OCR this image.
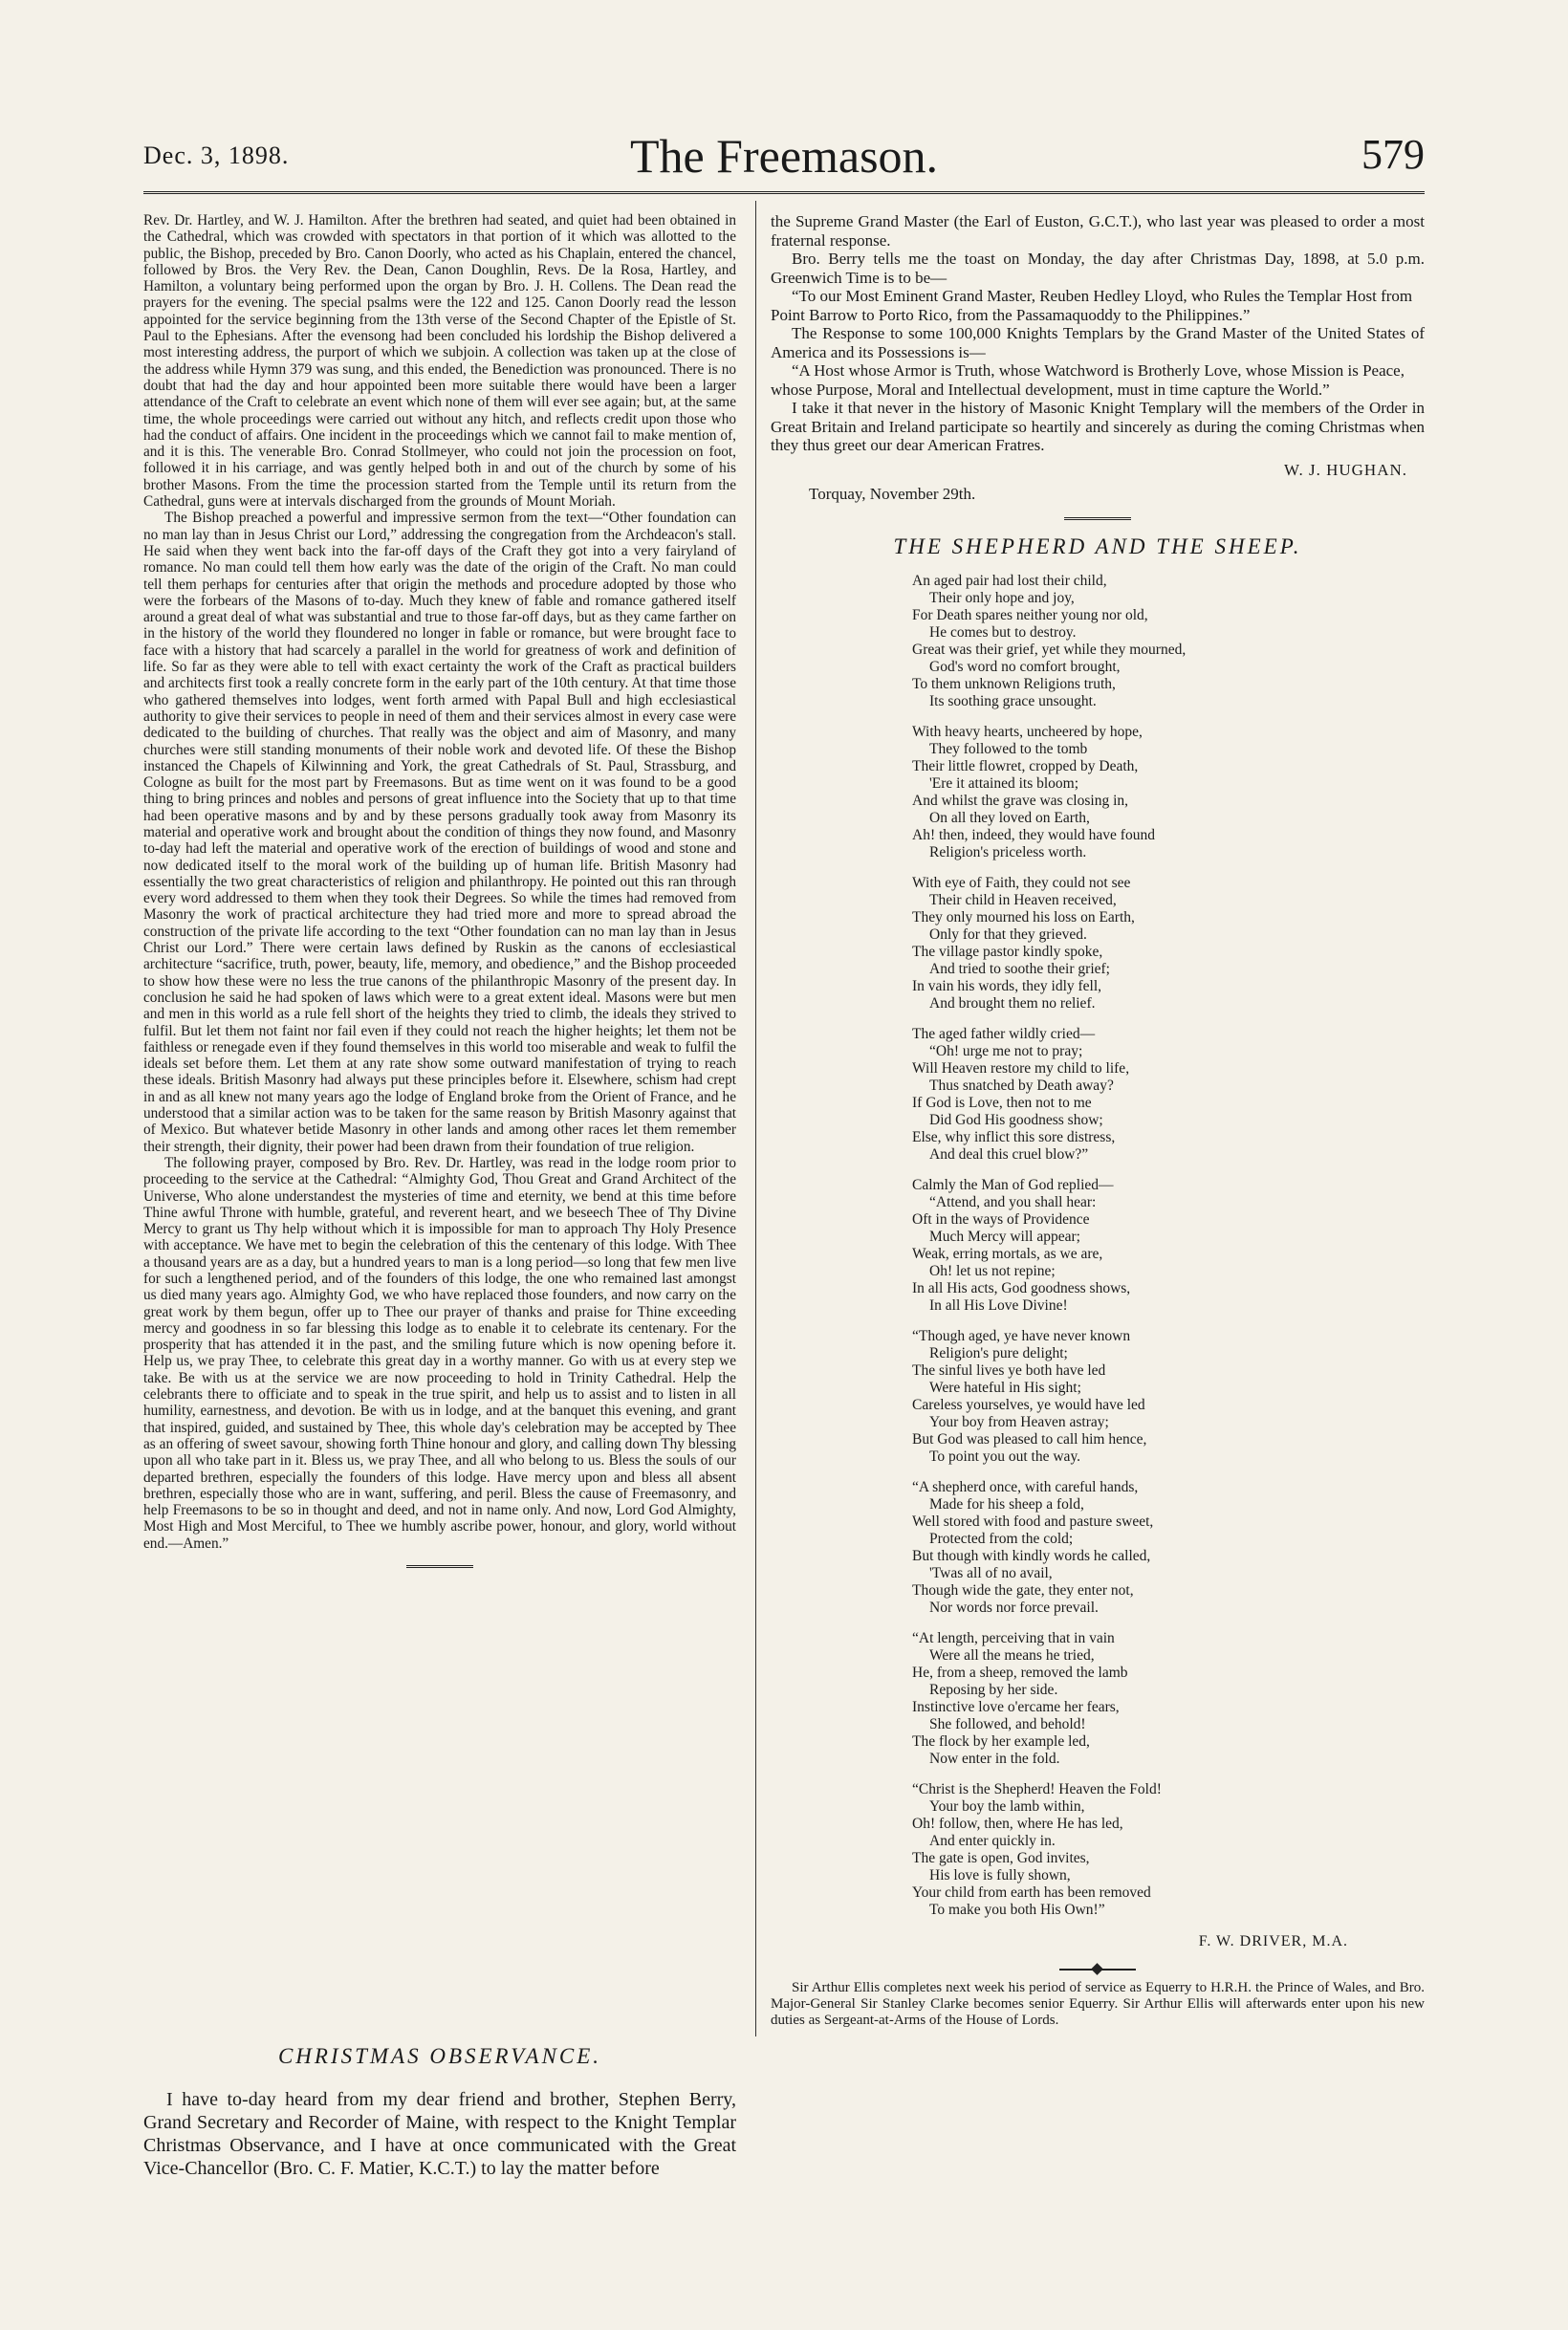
Dec. 3, 1898.	The Freemason.	579

Rev. Dr. Hartley, and W. J. Hamilton. After the brethren had seated, and quiet had been obtained in the Cathedral, which was crowded with spectators in that portion of it which was allotted to the public, the Bishop, preceded by Bro. Canon Doorly, who acted as his Chaplain, entered the chancel, followed by Bros. the Very Rev. the Dean, Canon Doughlin, Revs. De la Rosa, Hartley, and Hamilton, a voluntary being performed upon the organ by Bro. J. H. Collens. The Dean read the prayers for the evening. The special psalms were the 122 and 125. Canon Doorly read the lesson appointed for the service beginning from the 13th verse of the Second Chapter of the Epistle of St. Paul to the Ephesians. After the evensong had been concluded his lordship the Bishop delivered a most interesting address, the purport of which we subjoin. A collection was taken up at the close of the address while Hymn 379 was sung, and this ended, the Benediction was pronounced. There is no doubt that had the day and hour appointed been more suitable there would have been a larger attendance of the Craft to celebrate an event which none of them will ever see again; but, at the same time, the whole proceedings were carried out without any hitch, and reflects credit upon those who had the conduct of affairs. One incident in the proceedings which we cannot fail to make mention of, and it is this. The venerable Bro. Conrad Stollmeyer, who could not join the procession on foot, followed it in his carriage, and was gently helped both in and out of the church by some of his brother Masons. From the time the procession started from the Temple until its return from the Cathedral, guns were at intervals discharged from the grounds of Mount Moriah.

The Bishop preached a powerful and impressive sermon from the text—“Other foundation can no man lay than in Jesus Christ our Lord,” addressing the congregation from the Archdeacon's stall. He said when they went back into the far-off days of the Craft they got into a very fairyland of romance. No man could tell them how early was the date of the origin of the Craft. No man could tell them perhaps for centuries after that origin the methods and procedure adopted by those who were the forbears of the Masons of to-day. Much they knew of fable and romance gathered itself around a great deal of what was substantial and true to those far-off days, but as they came farther on in the history of the world they floundered no longer in fable or romance, but were brought face to face with a history that had scarcely a parallel in the world for greatness of work and definition of life. So far as they were able to tell with exact certainty the work of the Craft as practical builders and architects first took a really concrete form in the early part of the 10th century. At that time those who gathered themselves into lodges, went forth armed with Papal Bull and high ecclesiastical authority to give their services to people in need of them and their services almost in every case were dedicated to the building of churches. That really was the object and aim of Masonry, and many churches were still standing monuments of their noble work and devoted life. Of these the Bishop instanced the Chapels of Kilwinning and York, the great Cathedrals of St. Paul, Strassburg, and Cologne as built for the most part by Freemasons. But as time went on it was found to be a good thing to bring princes and nobles and persons of great influence into the Society that up to that time had been operative masons and by and by these persons gradually took away from Masonry its material and operative work and brought about the condition of things they now found, and Masonry to-day had left the material and operative work of the erection of buildings of wood and stone and now dedicated itself to the moral work of the building up of human life. British Masonry had essentially the two great characteristics of religion and philanthropy. He pointed out this ran through every word addressed to them when they took their Degrees. So while the times had removed from Masonry the work of practical architecture they had tried more and more to spread abroad the construction of the private life according to the text “Other foundation can no man lay than in Jesus Christ our Lord.” There were certain laws defined by Ruskin as the canons of ecclesiastical architecture “sacrifice, truth, power, beauty, life, memory, and obedience,” and the Bishop proceeded to show how these were no less the true canons of the philanthropic Masonry of the present day. In conclusion he said he had spoken of laws which were to a great extent ideal. Masons were but men and men in this world as a rule fell short of the heights they tried to climb, the ideals they strived to fulfil. But let them not faint nor fail even if they could not reach the higher heights; let them not be faithless or renegade even if they found themselves in this world too miserable and weak to fulfil the ideals set before them. Let them at any rate show some outward manifestation of trying to reach these ideals. British Masonry had always put these principles before it. Elsewhere, schism had crept in and as all knew not many years ago the lodge of England broke from the Orient of France, and he understood that a similar action was to be taken for the same reason by British Masonry against that of Mexico. But whatever betide Masonry in other lands and among other races let them remember their strength, their dignity, their power had been drawn from their foundation of true religion.

The following prayer, composed by Bro. Rev. Dr. Hartley, was read in the lodge room prior to proceeding to the service at the Cathedral: “Almighty God, Thou Great and Grand Architect of the Universe, Who alone understandest the mysteries of time and eternity, we bend at this time before Thine awful Throne with humble, grateful, and reverent heart, and we beseech Thee of Thy Divine Mercy to grant us Thy help without which it is impossible for man to approach Thy Holy Presence with acceptance. We have met to begin the celebration of this the centenary of this lodge. With Thee a thousand years are as a day, but a hundred years to man is a long period—so long that few men live for such a lengthened period, and of the founders of this lodge, the one who remained last amongst us died many years ago. Almighty God, we who have replaced those founders, and now carry on the great work by them begun, offer up to Thee our prayer of thanks and praise for Thine exceeding mercy and goodness in so far blessing this lodge as to enable it to celebrate its centenary. For the prosperity that has attended it in the past, and the smiling future which is now opening before it. Help us, we pray Thee, to celebrate this great day in a worthy manner. Go with us at every step we take. Be with us at the service we are now proceeding to hold in Trinity Cathedral. Help the celebrants there to officiate and to speak in the true spirit, and help us to assist and to listen in all humility, earnestness, and devotion. Be with us in lodge, and at the banquet this evening, and grant that inspired, guided, and sustained by Thee, this whole day's celebration may be accepted by Thee as an offering of sweet savour, showing forth Thine honour and glory, and calling down Thy blessing upon all who take part in it. Bless us, we pray Thee, and all who belong to us. Bless the souls of our departed brethren, especially the founders of this lodge. Have mercy upon and bless all absent brethren, especially those who are in want, suffering, and peril. Bless the cause of Freemasonry, and help Freemasons to be so in thought and deed, and not in name only. And now, Lord God Almighty, Most High and Most Merciful, to Thee we humbly ascribe power, honour, and glory, world without end.—Amen.”

CHRISTMAS OBSERVANCE.

I have to-day heard from my dear friend and brother, Stephen Berry, Grand Secretary and Recorder of Maine, with respect to the Knight Templar Christmas Observance, and I have at once communicated with the Great Vice-Chancellor (Bro. C. F. Matier, K.C.T.) to lay the matter before

the Supreme Grand Master (the Earl of Euston, G.C.T.), who last year was pleased to order a most fraternal response.

Bro. Berry tells me the toast on Monday, the day after Christmas Day, 1898, at 5.0 p.m. Greenwich Time is to be—

“To our Most Eminent Grand Master, Reuben Hedley Lloyd, who Rules the Templar Host from Point Barrow to Porto Rico, from the Passamaquoddy to the Philippines.”

The Response to some 100,000 Knights Templars by the Grand Master of the United States of America and its Possessions is—

“A Host whose Armor is Truth, whose Watchword is Brotherly Love, whose Mission is Peace, whose Purpose, Moral and Intellectual development, must in time capture the World.”

I take it that never in the history of Masonic Knight Templary will the members of the Order in Great Britain and Ireland participate so heartily and sincerely as during the coming Christmas when they thus greet our dear American Fratres.

W. J. HUGHAN.
Torquay, November 29th.
THE SHEPHERD AND THE SHEEP.
An aged pair had lost their child,
Their only hope and joy,
For Death spares neither young nor old,
He comes but to destroy.
Great was their grief, yet while they mourned,
God's word no comfort brought,
To them unknown Religions truth,
Its soothing grace unsought.
With heavy hearts, uncheered by hope,
They followed to the tomb
Their little flowret, cropped by Death,
'Ere it attained its bloom;
And whilst the grave was closing in,
On all they loved on Earth,
Ah! then, indeed, they would have found
Religion's priceless worth.
With eye of Faith, they could not see
Their child in Heaven received,
They only mourned his loss on Earth,
Only for that they grieved.
The village pastor kindly spoke,
And tried to soothe their grief;
In vain his words, they idly fell,
And brought them no relief.
The aged father wildly cried—
“Oh! urge me not to pray;
Will Heaven restore my child to life,
Thus snatched by Death away?
If God is Love, then not to me
Did God His goodness show;
Else, why inflict this sore distress,
And deal this cruel blow?”
Calmly the Man of God replied—
“Attend, and you shall hear:
Oft in the ways of Providence
Much Mercy will appear;
Weak, erring mortals, as we are,
Oh! let us not repine;
In all His acts, God goodness shows,
In all His Love Divine!
“Though aged, ye have never known
Religion's pure delight;
The sinful lives ye both have led
Were hateful in His sight;
Careless yourselves, ye would have led
Your boy from Heaven astray;
But God was pleased to call him hence,
To point you out the way.
“A shepherd once, with careful hands,
Made for his sheep a fold,
Well stored with food and pasture sweet,
Protected from the cold;
But though with kindly words he called,
'Twas all of no avail,
Though wide the gate, they enter not,
Nor words nor force prevail.
“At length, perceiving that in vain
Were all the means he tried,
He, from a sheep, removed the lamb
Reposing by her side.
Instinctive love o'ercame her fears,
She followed, and behold!
The flock by her example led,
Now enter in the fold.
“Christ is the Shepherd! Heaven the Fold!
Your boy the lamb within,
Oh! follow, then, where He has led,
And enter quickly in.
The gate is open, God invites,
His love is fully shown,
Your child from earth has been removed
To make you both His Own!”
F. W. DRIVER, M.A.

Sir Arthur Ellis completes next week his period of service as Equerry to H.R.H. the Prince of Wales, and Bro. Major-General Sir Stanley Clarke becomes senior Equerry. Sir Arthur Ellis will afterwards enter upon his new duties as Sergeant-at-Arms of the House of Lords.
